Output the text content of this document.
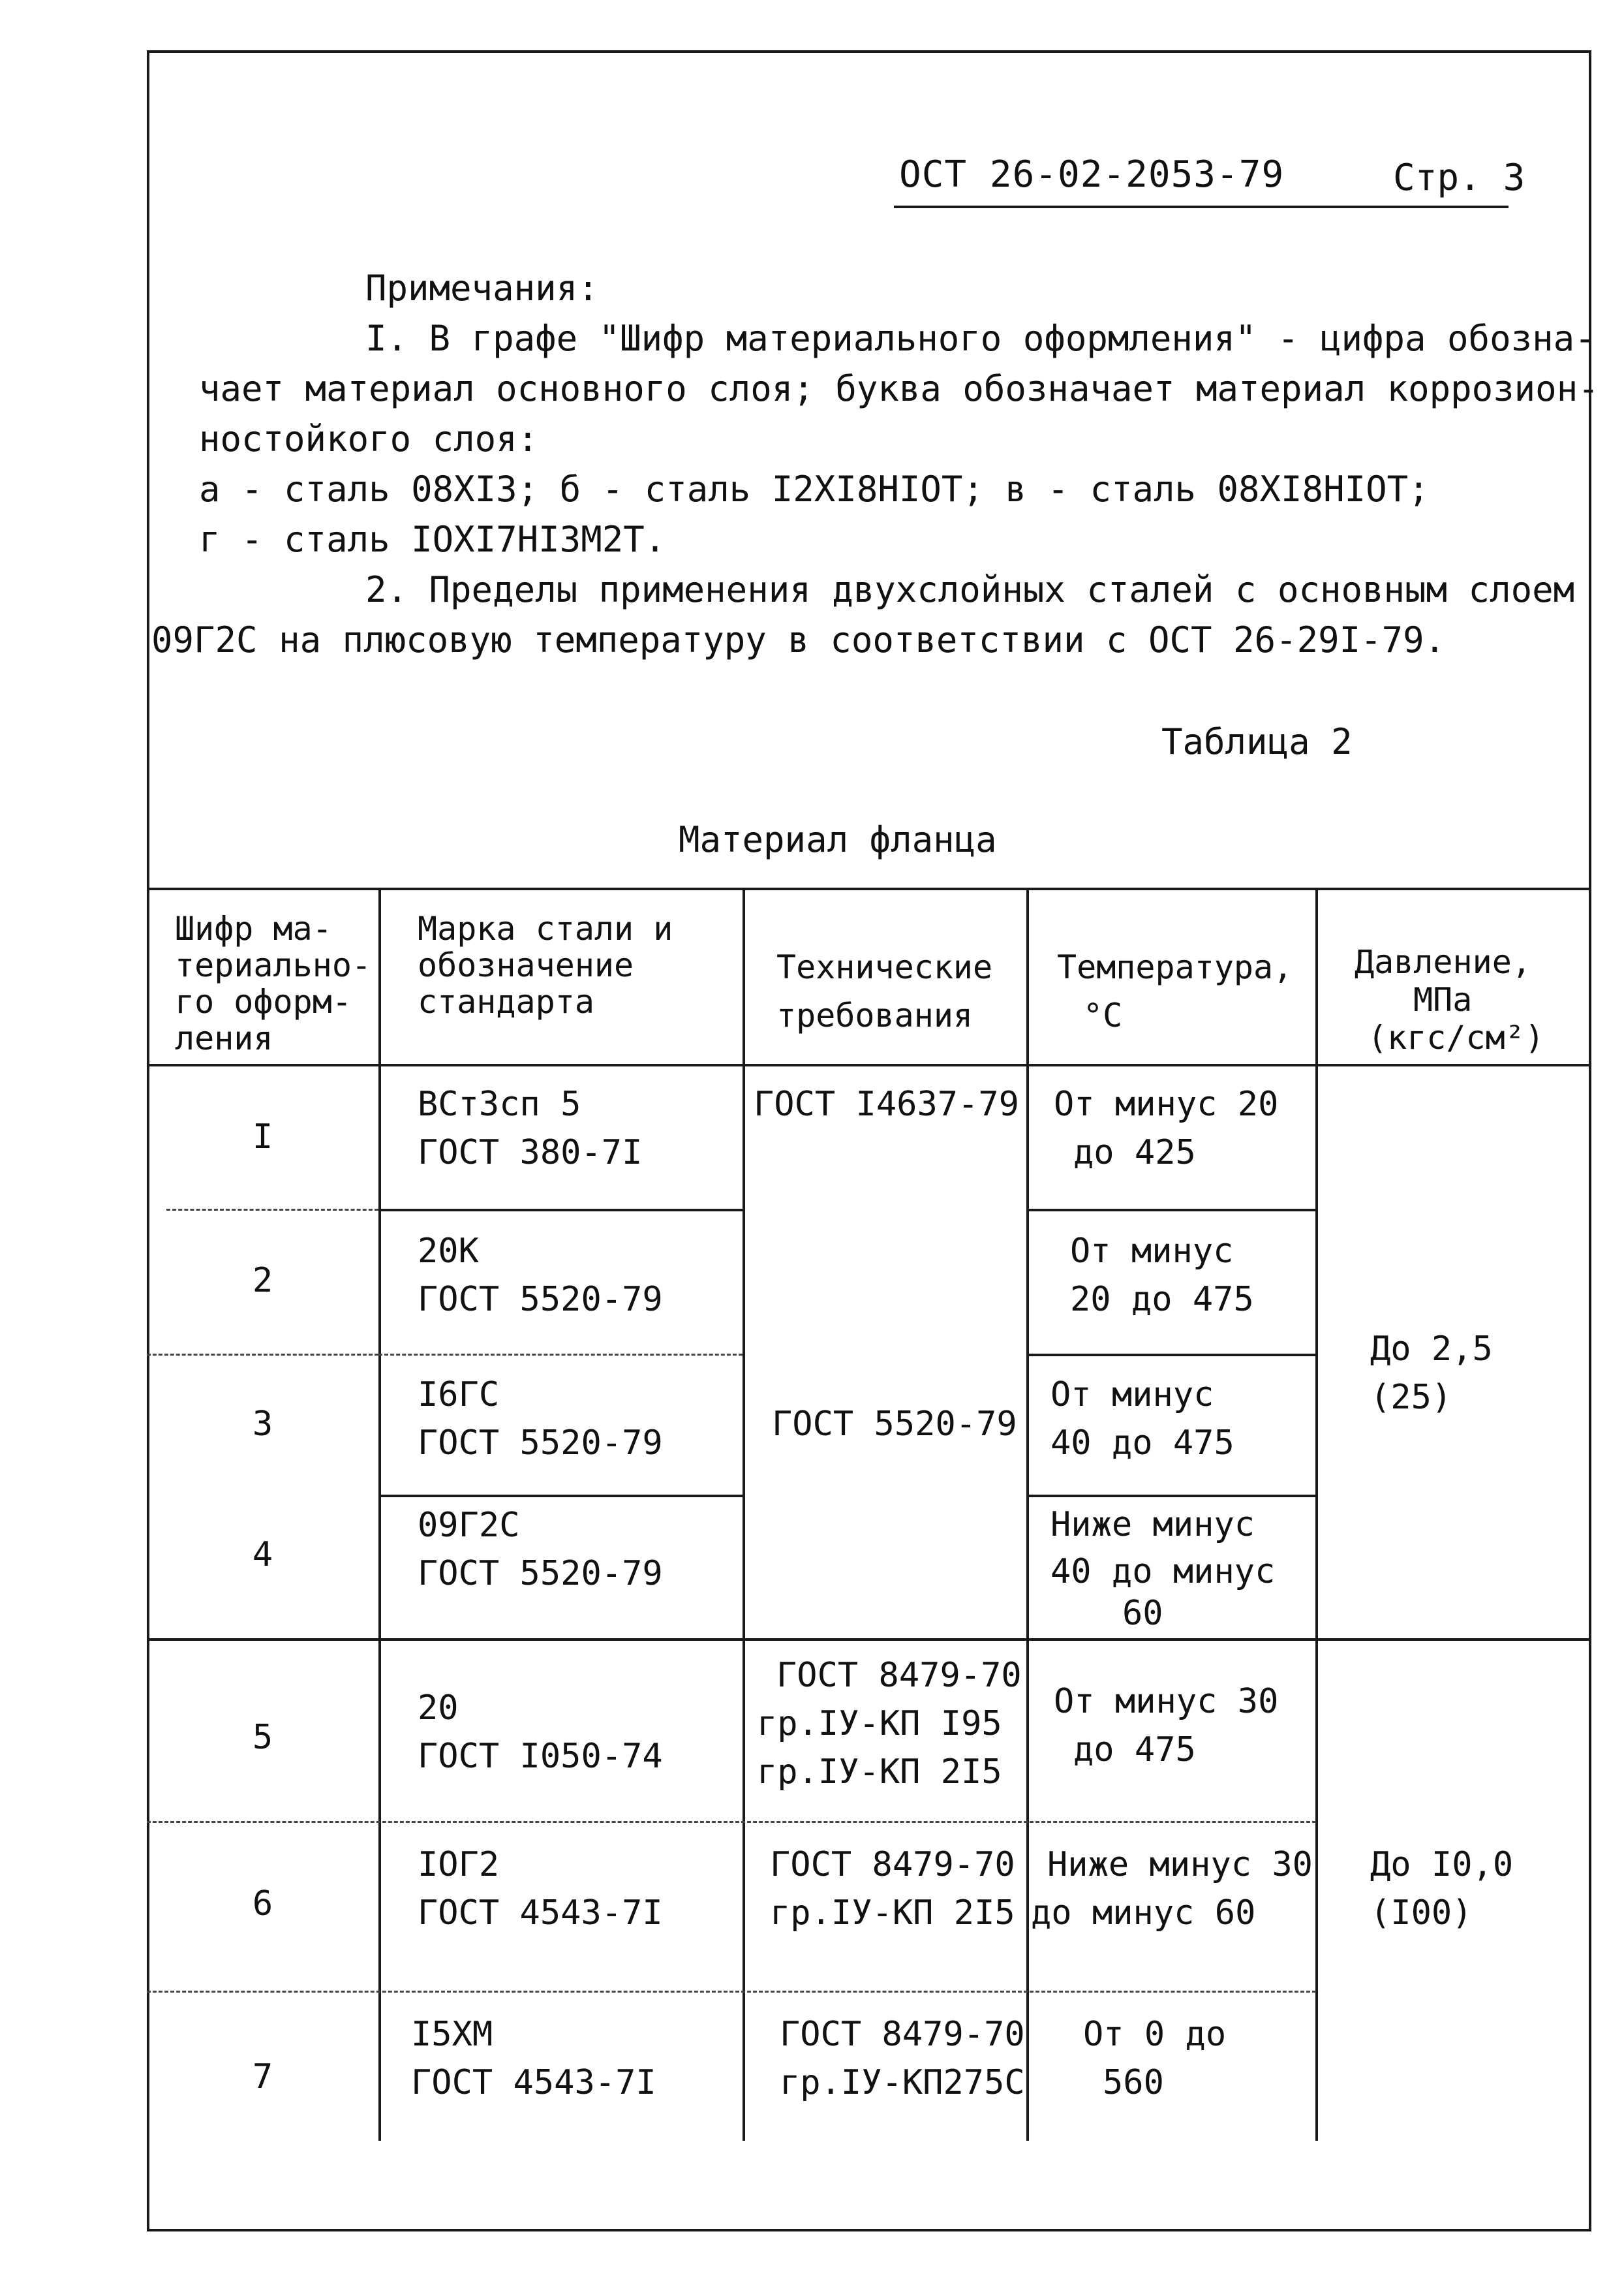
ОСТ 26-02-2053-79	Стр. 3
Примечания:
I. В графе "Шифр материального оформления" - цифра обозна-
чает материал основного слоя; буква обозначает материал коррозион-
ностойкого слоя:
а - сталь 08ХI3; б - сталь I2ХI8НIОТ; в - сталь 08ХI8НIОТ;
г - сталь IОХI7НI3М2Т.
2. Пределы применения двухслойных сталей с основным слоем
09Г2С на плюсовую температуру в соответствии с ОСТ 26-29I-79.
Таблица 2
Материал фланца
Шифр ма-
териально-
го оформ-
ления
Марка стали и
обозначение
стандарта
Технические
требования
Температура,
°С
Давление,
МПа
(кгс/см²)
I
ВСт3сп 5
ГОСТ 380-7I
ГОСТ I4637-79 От минус 20
до 425
2
20К
ГОСТ 5520-79
От минус
20 до 475
3
I6ГС
ГОСТ 5520-79	ГОСТ 5520-79
От минус
40 до 475
4
09Г2С
ГОСТ 5520-79
Ниже минус
40 до минус
60
До 2,5
(25)
5
20
ГОСТ I050-74
ГОСТ 8479-70
гр.IУ-КП I95
гр.IУ-КП 2I5
От минус 30
до 475
6
IОГ2
ГОСТ 4543-7I
ГОСТ 8479-70
гр.IУ-КП 2I5
Ниже минус 30
до минус 60
До I0,0
(I00)
7
I5ХМ
ГОСТ 4543-7I
ГОСТ 8479-70
гр.IУ-КП275С
От 0 до
560
